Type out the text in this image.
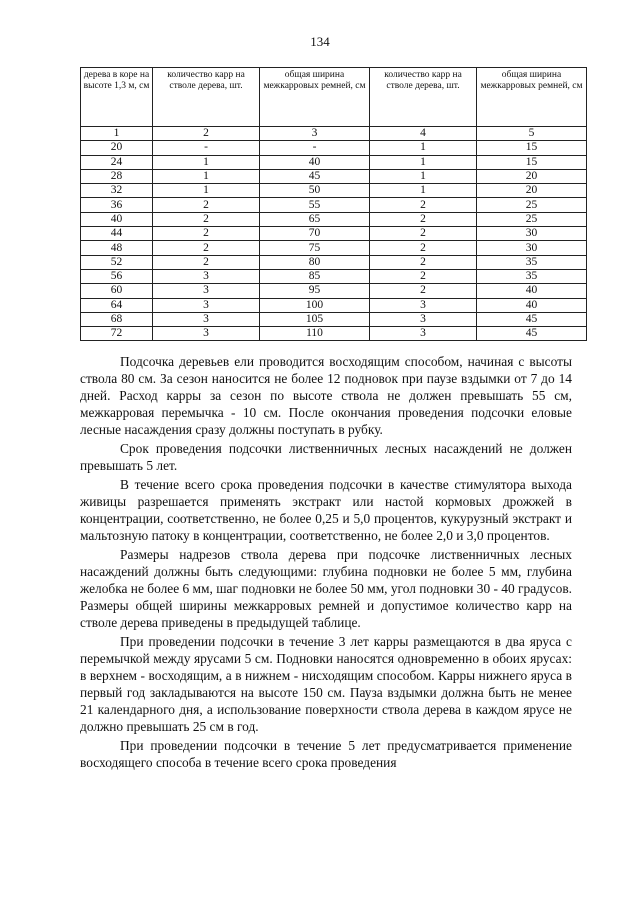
134
дерева в коре на высоте 1,3 м, см	количество карр на стволе дерева, шт.	общая ширина межкарровых ремней, см	количество карр на стволе дерева, шт.	общая ширина межкарровых ремней, см
1	2	3	4	5
20	-	-	1	15
24	1	40	1	15
28	1	45	1	20
32	1	50	1	20
36	2	55	2	25
40	2	65	2	25
44	2	70	2	30
48	2	75	2	30
52	2	80	2	35
56	3	85	2	35
60	3	95	2	40
64	3	100	3	40
68	3	105	3	45
72	3	110	3	45

Подсочка деревьев ели проводится восходящим способом, начиная с высоты ствола 80 см. За сезон наносится не более 12 подновок при паузе вздымки от 7 до 14 дней. Расход карры за сезон по высоте ствола не должен превышать 55 см, межкарровая перемычка - 10 см. После окончания проведения подсочки еловые лесные насаждения сразу должны поступать в рубку.

Срок проведения подсочки лиственничных лесных насаждений не должен превышать 5 лет.

В течение всего срока проведения подсочки в качестве стимулятора выхода живицы разрешается применять экстракт или настой кормовых дрожжей в концентрации, соответственно, не более 0,25 и 5,0 процентов, кукурузный экстракт и мальтозную патоку в концентрации, соответственно, не более 2,0 и 3,0 процентов.

Размеры надрезов ствола дерева при подсочке лиственничных лесных насаждений должны быть следующими: глубина подновки не более 5 мм, глубина желобка не более 6 мм, шаг подновки не более 50 мм, угол подновки 30 - 40 градусов. Размеры общей ширины межкарровых ремней и допустимое количество карр на стволе дерева приведены в предыдущей таблице.

При проведении подсочки в течение 3 лет карры размещаются в два яруса с перемычкой между ярусами 5 см. Подновки наносятся одновременно в обоих ярусах: в верхнем - восходящим, а в нижнем - нисходящим способом. Карры нижнего яруса в первый год закладываются на высоте 150 см. Пауза вздымки должна быть не менее 21 календарного дня, а использование поверхности ствола дерева в каждом ярусе не должно превышать 25 см в год.

При проведении подсочки в течение 5 лет предусматривается применение восходящего способа в течение всего срока проведения
